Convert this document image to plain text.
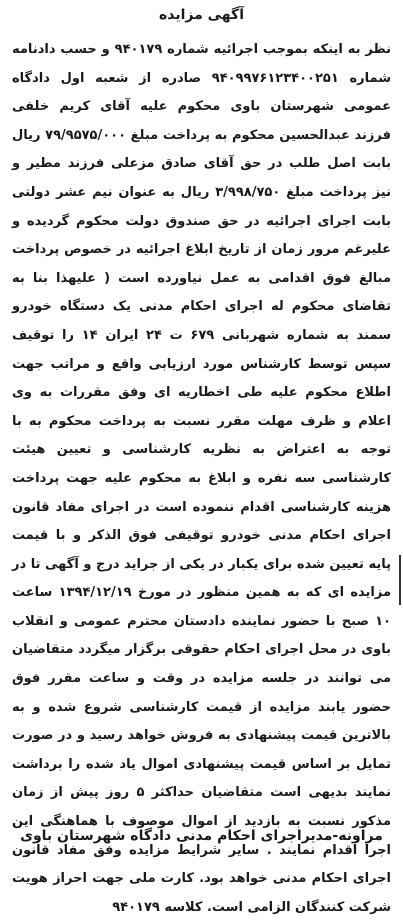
آگهی مزایده

نظر به اینکه بموجب اجرائیه شماره ۹۴۰۱۷۹ و حسب دادنامه شماره ۹۴۰۹۹۷۶۱۲۳۴۰۰۲۵۱ صادره از شعبه اول دادگاه عمومی شهرستان باوی محکوم علیه آقای کریم خلفی فرزند عبدالحسین محکوم به پرداخت مبلغ ۷۹/۹۵۷۵/۰۰۰ ریال بابت اصل طلب در حق آقای صادق مزعلی فرزند مطیر و نیز پرداخت مبلغ ۳/۹۹۸/۷۵۰ ریال به عنوان نیم عشر دولتی بابت اجرای اجرائیه در حق صندوق دولت محکوم گردیده و علیرغم مرور زمان از تاریخ ابلاغ اجرائیه در خصوص پرداخت مبالغ فوق اقدامی به عمل نیاورده است ( علیهذا بنا به تقاضای محکوم له اجرای احکام مدنی یک دستگاه خودرو سمند به شماره شهربانی ۶۷۹ ت ۲۴ ایران ۱۴ را توقیف سپس توسط کارشناس مورد ارزیابی واقع و مراتب جهت اطلاع محکوم علیه طی اخطاریه ای وفق مقررات به وی اعلام و ظرف مهلت مقرر نسبت به پرداخت محکوم به با توجه به اعتراض به نظریه کارشناسی و تعیین هیئت کارشناسی سه نفره و ابلاغ به محکوم علیه جهت پرداخت هزینه کارشناسی اقدام ننموده است در اجرای مفاد قانون اجرای احکام مدنی خودرو توقیفی فوق الذکر و با قیمت پایه تعیین شده برای یکبار در یکی از جراید درج و آگهی تا در مزایده ای که به همین منظور در مورخ ۱۳۹۴/۱۲/۱۹ ساعت ۱۰ صبح با حضور نماینده دادستان محترم عمومی و انقلاب باوی در محل اجرای احکام حقوقی برگزار میگردد متقاضیان می توانند در جلسه مزایده در وقت و ساعت مقرر فوق حضور یابند مزایده از قیمت کارشناسی شروع شده و به بالاترین قیمت پیشنهادی به فروش خواهد رسید و در صورت تمایل بر اساس قیمت پیشنهادی اموال یاد شده را برداشت نمایند بدیهی است متقاضیان حداکثر ۵ روز پیش از زمان مذکور نسبت به بازدید از اموال موصوف با هماهنگی این اجرا اقدام نمایند . سایر شرایط مزایده وفق مفاد قانون اجرای احکام مدنی خواهد بود. کارت ملی جهت احراز هویت شرکت کنندگان الزامی است. کلاسه ۹۴۰۱۷۹

مراونه-مدیراجرای احکام مدنی دادگاه شهرستان باوی
